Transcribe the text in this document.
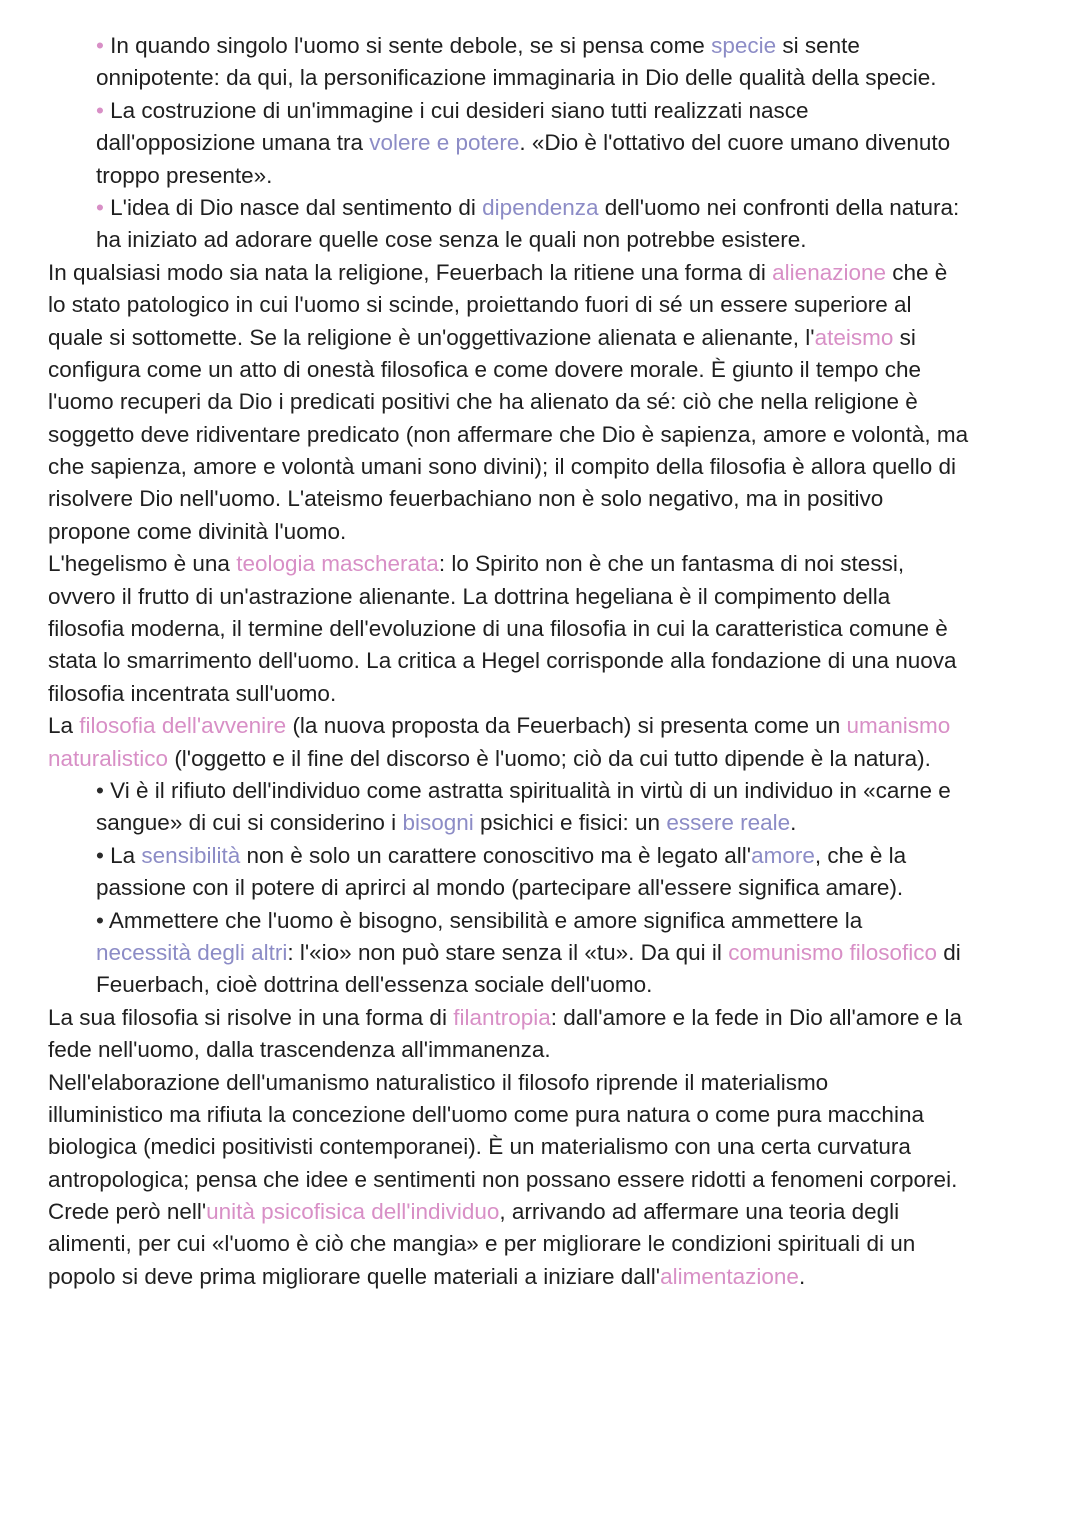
• In quando singolo l'uomo si sente debole, se si pensa come specie si sente
onnipotente: da qui, la personificazione immaginaria in Dio delle qualità della specie.
• La costruzione di un'immagine i cui desideri siano tutti realizzati nasce
dall'opposizione umana tra volere e potere. «Dio è l'ottativo del cuore umano divenuto
troppo presente».
• L'idea di Dio nasce dal sentimento di dipendenza dell'uomo nei confronti della natura:
ha iniziato ad adorare quelle cose senza le quali non potrebbe esistere.
In qualsiasi modo sia nata la religione, Feuerbach la ritiene una forma di alienazione che è
lo stato patologico in cui l'uomo si scinde, proiettando fuori di sé un essere superiore al
quale si sottomette. Se la religione è un'oggettivazione alienata e alienante, l'ateismo si
configura come un atto di onestà filosofica e come dovere morale. È giunto il tempo che
l'uomo recuperi da Dio i predicati positivi che ha alienato da sé: ciò che nella religione è
soggetto deve ridiventare predicato (non affermare che Dio è sapienza, amore e volontà, ma
che sapienza, amore e volontà umani sono divini); il compito della filosofia è allora quello di
risolvere Dio nell'uomo. L'ateismo feuerbachiano non è solo negativo, ma in positivo
propone come divinità l'uomo.
L'hegelismo è una teologia mascherata: lo Spirito non è che un fantasma di noi stessi,
ovvero il frutto di un'astrazione alienante. La dottrina hegeliana è il compimento della
filosofia moderna, il termine dell'evoluzione di una filosofia in cui la caratteristica comune è
stata lo smarrimento dell'uomo. La critica a Hegel corrisponde alla fondazione di una nuova
filosofia incentrata sull'uomo.
La filosofia dell'avvenire (la nuova proposta da Feuerbach) si presenta come un umanismo
naturalistico (l'oggetto e il fine del discorso è l'uomo; ciò da cui tutto dipende è la natura).
• Vi è il rifiuto dell'individuo come astratta spiritualità in virtù di un individuo in «carne e
sangue» di cui si considerino i bisogni psichici e fisici: un essere reale.
• La sensibilità non è solo un carattere conoscitivo ma è legato all'amore, che è la
passione con il potere di aprirci al mondo (partecipare all'essere significa amare).
• Ammettere che l'uomo è bisogno, sensibilità e amore significa ammettere la
necessità degli altri: l'«io» non può stare senza il «tu». Da qui il comunismo filosofico di
Feuerbach, cioè dottrina dell'essenza sociale dell'uomo.
La sua filosofia si risolve in una forma di filantropia: dall'amore e la fede in Dio all'amore e la
fede nell'uomo, dalla trascendenza all'immanenza.
Nell'elaborazione dell'umanismo naturalistico il filosofo riprende il materialismo
illuministico ma rifiuta la concezione dell'uomo come pura natura o come pura macchina
biologica (medici positivisti contemporanei). È un materialismo con una certa curvatura
antropologica; pensa che idee e sentimenti non possano essere ridotti a fenomeni corporei.
Crede però nell'unità psicofisica dell'individuo, arrivando ad affermare una teoria degli
alimenti, per cui «l'uomo è ciò che mangia» e per migliorare le condizioni spirituali di un
popolo si deve prima migliorare quelle materiali a iniziare dall'alimentazione.
